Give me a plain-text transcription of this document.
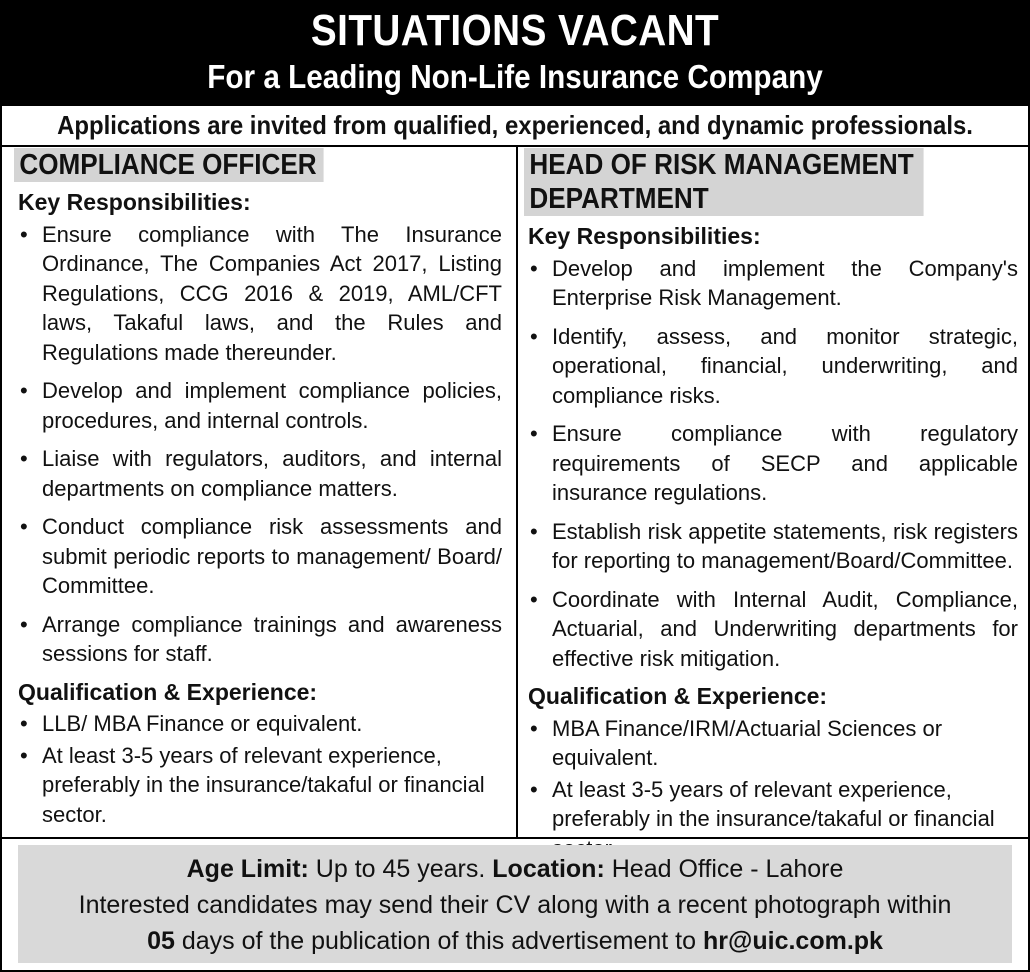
SITUATIONS VACANT
For a Leading Non-Life Insurance Company
Applications are invited from qualified, experienced, and dynamic professionals.
COMPLIANCE OFFICER
Key Responsibilities:
• Ensure compliance with The Insurance Ordinance, The Companies Act 2017, Listing Regulations, CCG 2016 & 2019, AML/CFT laws, Takaful laws, and the Rules and Regulations made thereunder.
• Develop and implement compliance policies, procedures, and internal controls.
• Liaise with regulators, auditors, and internal departments on compliance matters.
• Conduct compliance risk assessments and submit periodic reports to management/ Board/ Committee.
• Arrange compliance trainings and awareness sessions for staff.
Qualification & Experience:
• LLB/ MBA Finance or equivalent.
• At least 3-5 years of relevant experience, preferably in the insurance/takaful or financial sector.
HEAD OF RISK MANAGEMENT DEPARTMENT
Key Responsibilities:
• Develop and implement the Company's Enterprise Risk Management.
• Identify, assess, and monitor strategic, operational, financial, underwriting, and compliance risks.
• Ensure compliance with regulatory requirements of SECP and applicable insurance regulations.
• Establish risk appetite statements, risk registers for reporting to management/Board/Committee.
• Coordinate with Internal Audit, Compliance, Actuarial, and Underwriting departments for effective risk mitigation.
Qualification & Experience:
• MBA Finance/IRM/Actuarial Sciences or equivalent.
• At least 3-5 years of relevant experience, preferably in the insurance/takaful or financial
Age Limit: Up to 45 years. Location: Head Office - Lahore
Interested candidates may send their CV along with a recent photograph within
05 days of the publication of this advertisement to hr@uic.com.pk
